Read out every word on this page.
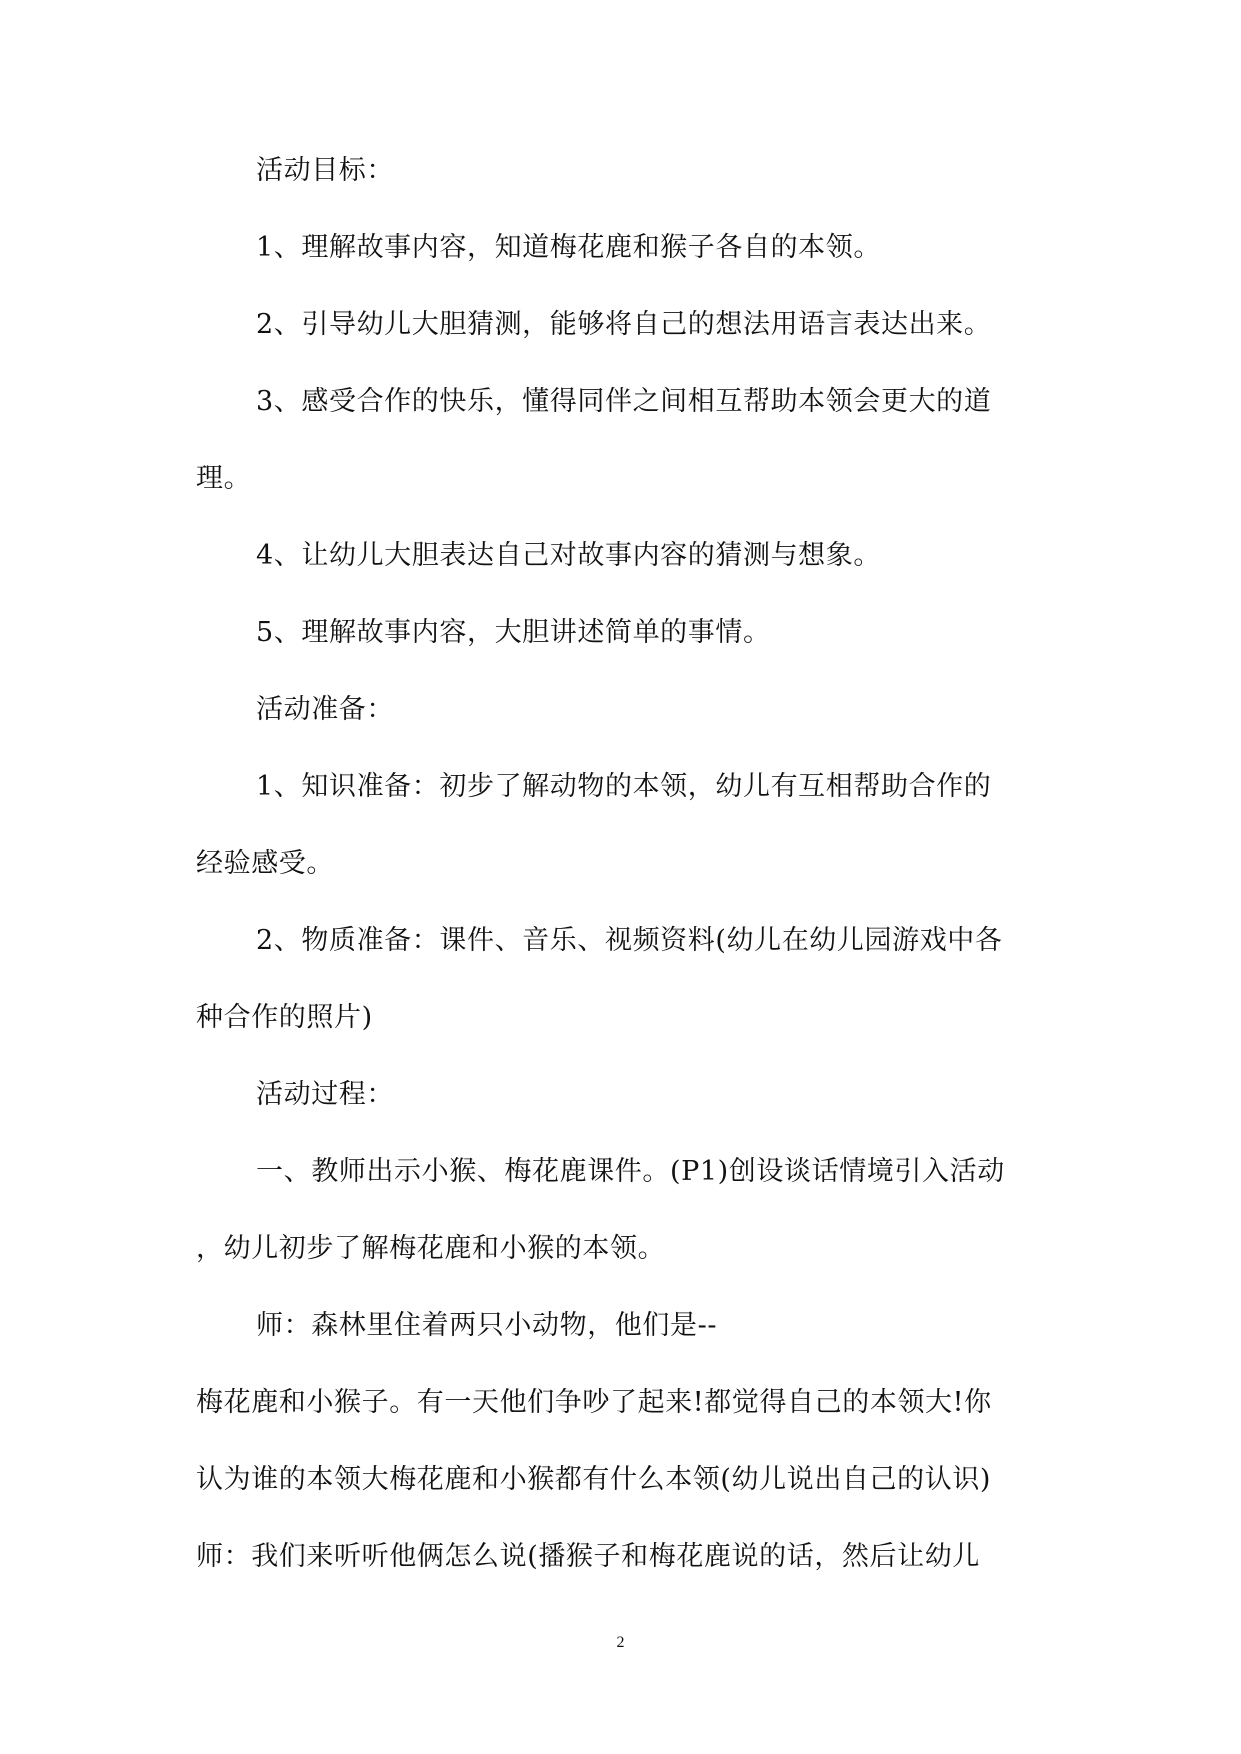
活动目标：
1、理解故事内容，知道梅花鹿和猴子各自的本领。
2、引导幼儿大胆猜测，能够将自己的想法用语言表达出来。
3、感受合作的快乐，懂得同伴之间相互帮助本领会更大的道
理。
4、让幼儿大胆表达自己对故事内容的猜测与想象。
5、理解故事内容，大胆讲述简单的事情。
活动准备：
1、知识准备：初步了解动物的本领，幼儿有互相帮助合作的
经验感受。
2、物质准备：课件、音乐、视频资料(幼儿在幼儿园游戏中各
种合作的照片)
活动过程：
一、教师出示小猴、梅花鹿课件。(P1)创设谈话情境引入活动
，幼儿初步了解梅花鹿和小猴的本领。
师：森林里住着两只小动物，他们是--
梅花鹿和小猴子。有一天他们争吵了起来!都觉得自己的本领大!你
认为谁的本领大梅花鹿和小猴都有什么本领(幼儿说出自己的认识)
师：我们来听听他俩怎么说(播猴子和梅花鹿说的话，然后让幼儿
2
